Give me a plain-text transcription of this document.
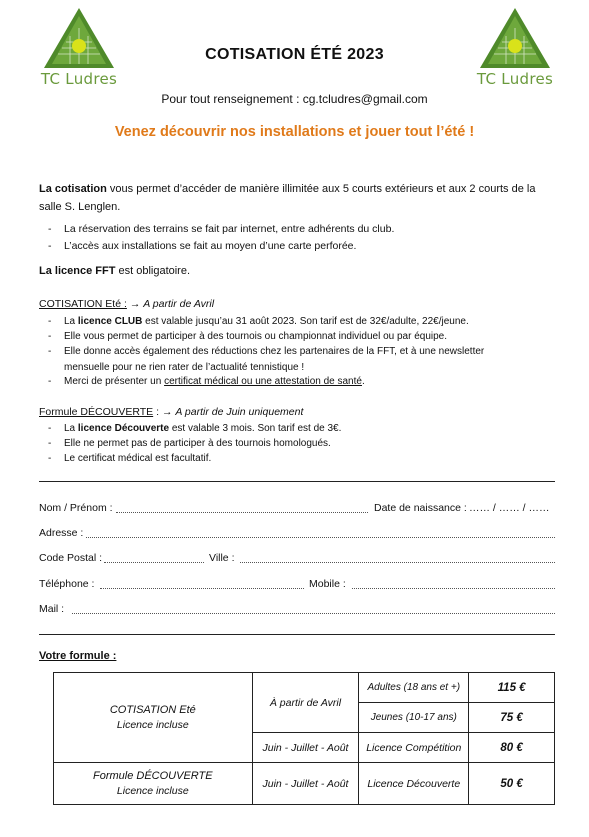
TC Ludres	TC Ludres
COTISATION ÉTÉ 2023
Pour tout renseignement : cg.tcludres@gmail.com
Venez découvrir nos installations et jouer tout l’été !
La cotisation vous permet d’accéder de manière illimitée aux 5 courts extérieurs et aux 2 courts de la salle S. Lenglen.
- La réservation des terrains se fait par internet, entre adhérents du club.
- L’accès aux installations se fait au moyen d’une carte perforée.
La licence FFT est obligatoire.
COTISATION Eté : → A partir de Avril
- La licence CLUB est valable jusqu’au 31 août 2023. Son tarif est de 32€/adulte, 22€/jeune.
- Elle vous permet de participer à des tournois ou championnat individuel ou par équipe.
- Elle donne accès également des réductions chez les partenaires de la FFT, et à une newsletter
mensuelle pour ne rien rater de l’actualité tennistique !
- Merci de présenter un certificat médical ou une attestation de santé.
Formule DÉCOUVERTE : → A partir de Juin uniquement
- La licence Découverte est valable 3 mois. Son tarif est de 3€.
- Elle ne permet pas de participer à des tournois homologués.
- Le certificat médical est facultatif.
Nom / Prénom :	Date de naissance : …… / …… / ……
Adresse :
Code Postal :	Ville :
Téléphone :	Mobile :
Mail :
Votre formule :
COTISATION Eté
Licence incluse	À partir de Avril	Adultes (18 ans et +)	115 €
		Jeunes (10-17 ans)	75 €
	Juin - Juillet - Août	Licence Compétition	80 €

Formule DÉCOUVERTE
Licence incluse	Juin - Juillet - Août	Licence Découverte	50 €
